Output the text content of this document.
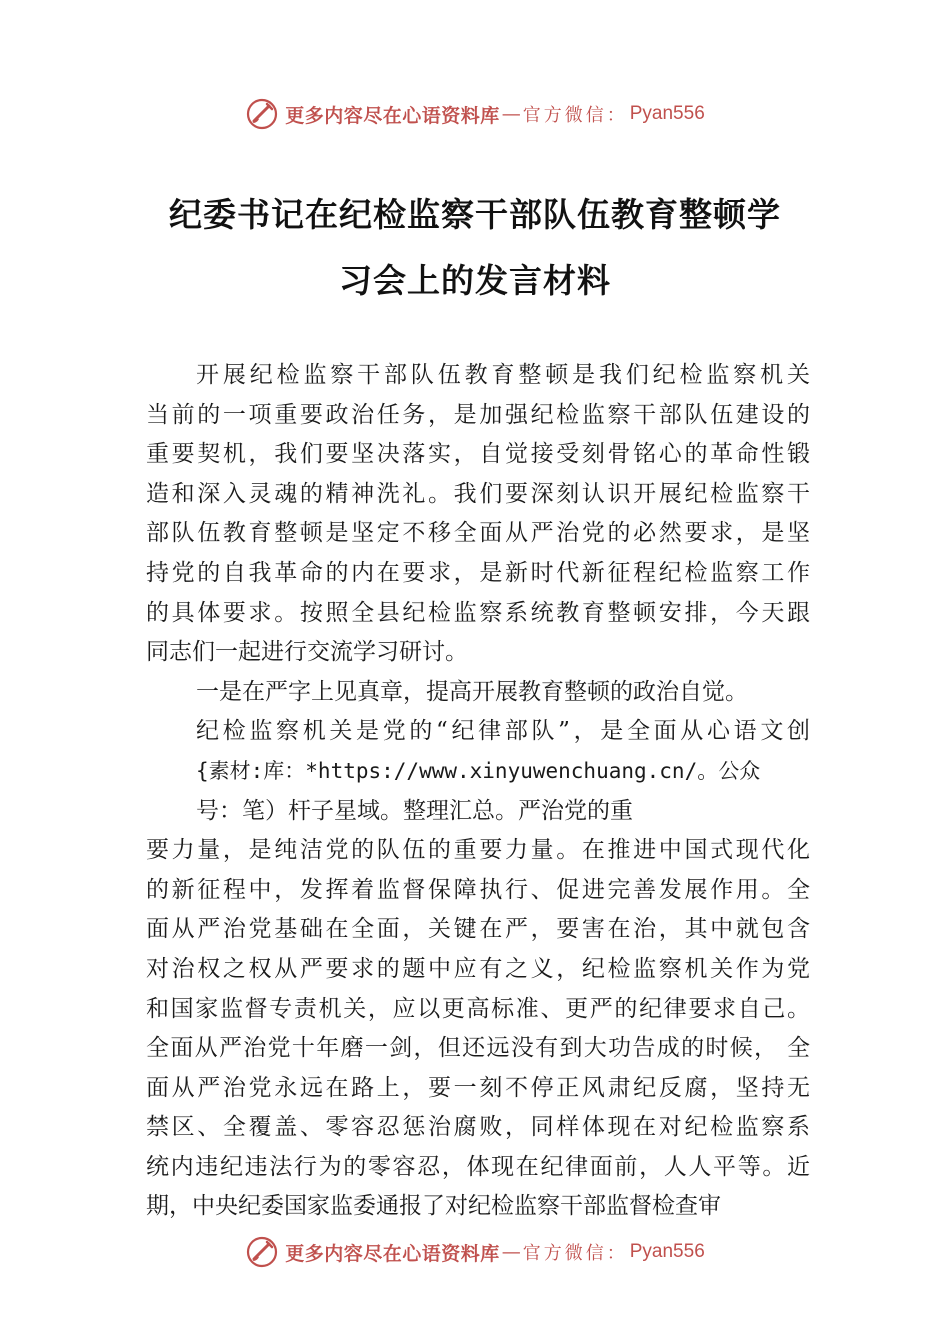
更多内容尽在心语资料库 — 官方微信： Pyan556
纪委书记在纪检监察干部队伍教育整顿学
习会上的发言材料
开展纪检监察干部队伍教育整顿是我们纪检监察机关
当前的一项重要政治任务，是加强纪检监察干部队伍建设的
重要契机，我们要坚决落实，自觉接受刻骨铭心的革命性锻
造和深入灵魂的精神洗礼。我们要深刻认识开展纪检监察干
部队伍教育整顿是坚定不移全面从严治党的必然要求，是坚
持党的自我革命的内在要求，是新时代新征程纪检监察工作
的具体要求。按照全县纪检监察系统教育整顿安排，今天跟
同志们一起进行交流学习研讨。
一是在严字上见真章，提高开展教育整顿的政治自觉。
纪检监察机关是党的“纪律部队”，是全面从心语文创
{素材:库：*https://www.xinyuwenchuang.cn/。公众
号：笔）杆子星域。整理汇总。严治党的重
要力量，是纯洁党的队伍的重要力量。在推进中国式现代化
的新征程中，发挥着监督保障执行、促进完善发展作用。全
面从严治党基础在全面，关键在严，要害在治，其中就包含
对治权之权从严要求的题中应有之义，纪检监察机关作为党
和国家监督专责机关，应以更高标准、更严的纪律要求自己。
全面从严治党十年磨一剑，但还远没有到大功告成的时候， 全
面从严治党永远在路上，要一刻不停正风肃纪反腐，坚持无
禁区、全覆盖、零容忍惩治腐败，同样体现在对纪检监察系
统内违纪违法行为的零容忍，体现在纪律面前，人人平等。近
期，中央纪委国家监委通报了对纪检监察干部监督检查审
更多内容尽在心语资料库 — 官方微信： Pyan556
